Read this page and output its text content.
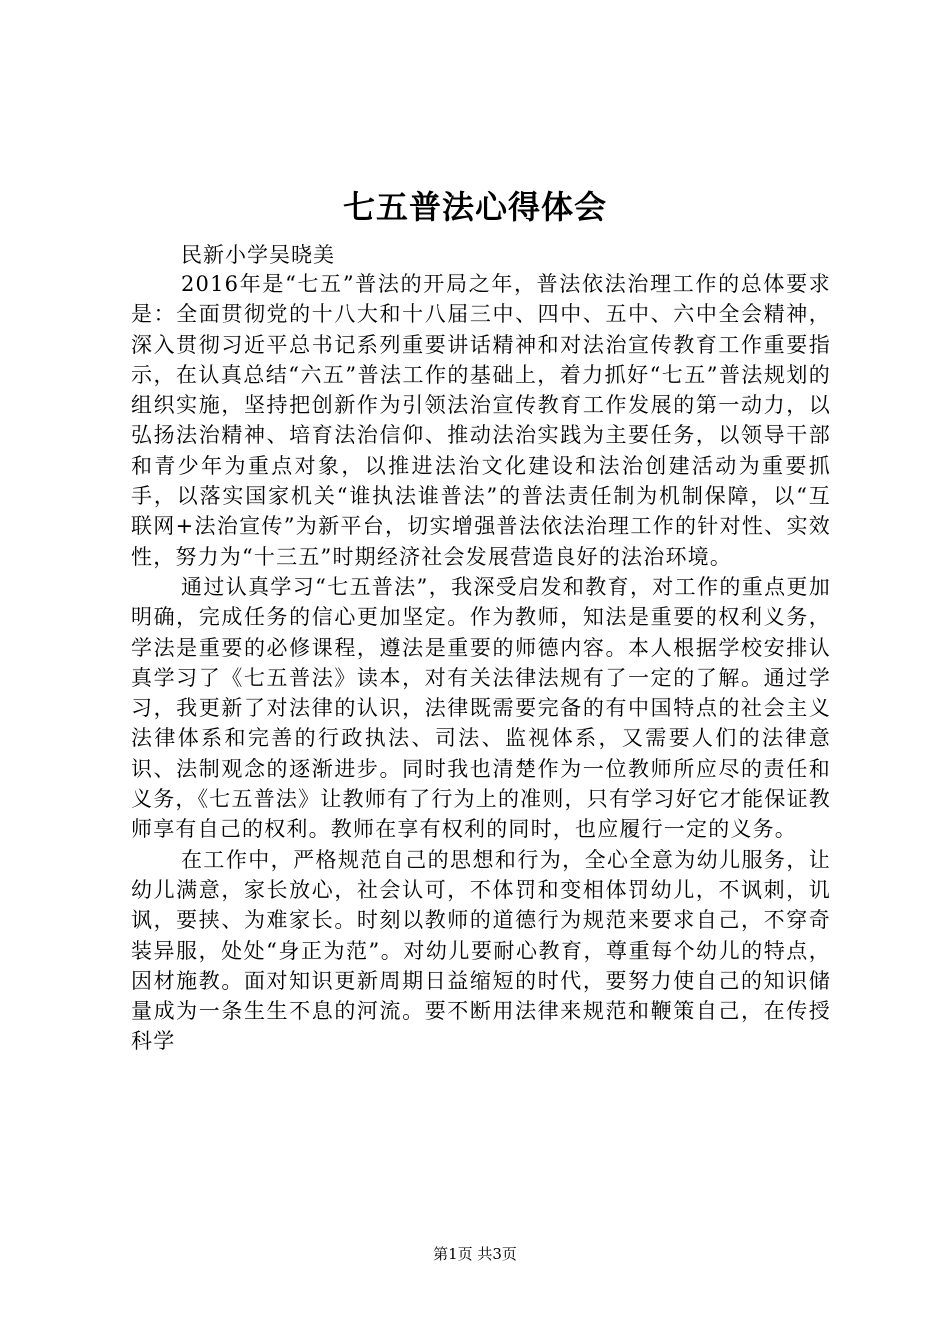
七五普法心得体会

民新小学吴晓美

2016年是“七五”普法的开局之年，普法依法治理工作的总体要求是：全面贯彻党的十八大和十八届三中、四中、五中、六中全会精神，深入贯彻习近平总书记系列重要讲话精神和对法治宣传教育工作重要指示，在认真总结“六五”普法工作的基础上，着力抓好“七五”普法规划的组织实施，坚持把创新作为引领法治宣传教育工作发展的第一动力，以弘扬法治精神、培育法治信仰、推动法治实践为主要任务，以领导干部和青少年为重点对象，以推进法治文化建设和法治创建活动为重要抓手，以落实国家机关“谁执法谁普法”的普法责任制为机制保障，以“互联网+法治宣传”为新平台，切实增强普法依法治理工作的针对性、实效性，努力为“十三五”时期经济社会发展营造良好的法治环境。

通过认真学习“七五普法”，我深受启发和教育，对工作的重点更加明确，完成任务的信心更加坚定。作为教师，知法是重要的权利义务，学法是重要的必修课程，遵法是重要的师德内容。本人根据学校安排认真学习了《七五普法》读本，对有关法律法规有了一定的了解。通过学习，我更新了对法律的认识，法律既需要完备的有中国特点的社会主义法律体系和完善的行政执法、司法、监视体系，又需要人们的法律意识、法制观念的逐渐进步。同时我也清楚作为一位教师所应尽的责任和义务，《七五普法》让教师有了行为上的准则，只有学习好它才能保证教师享有自己的权利。教师在享有权利的同时，也应履行一定的义务。

在工作中，严格规范自己的思想和行为，全心全意为幼儿服务，让幼儿满意，家长放心，社会认可，不体罚和变相体罚幼儿，不讽刺，讥讽，要挟、为难家长。时刻以教师的道德行为规范来要求自己，不穿奇装异服，处处“身正为范”。对幼儿要耐心教育，尊重每个幼儿的特点，因材施教。面对知识更新周期日益缩短的时代，要努力使自己的知识储量成为一条生生不息的河流。要不断用法律来规范和鞭策自己，在传授科学

第1页 共3页
